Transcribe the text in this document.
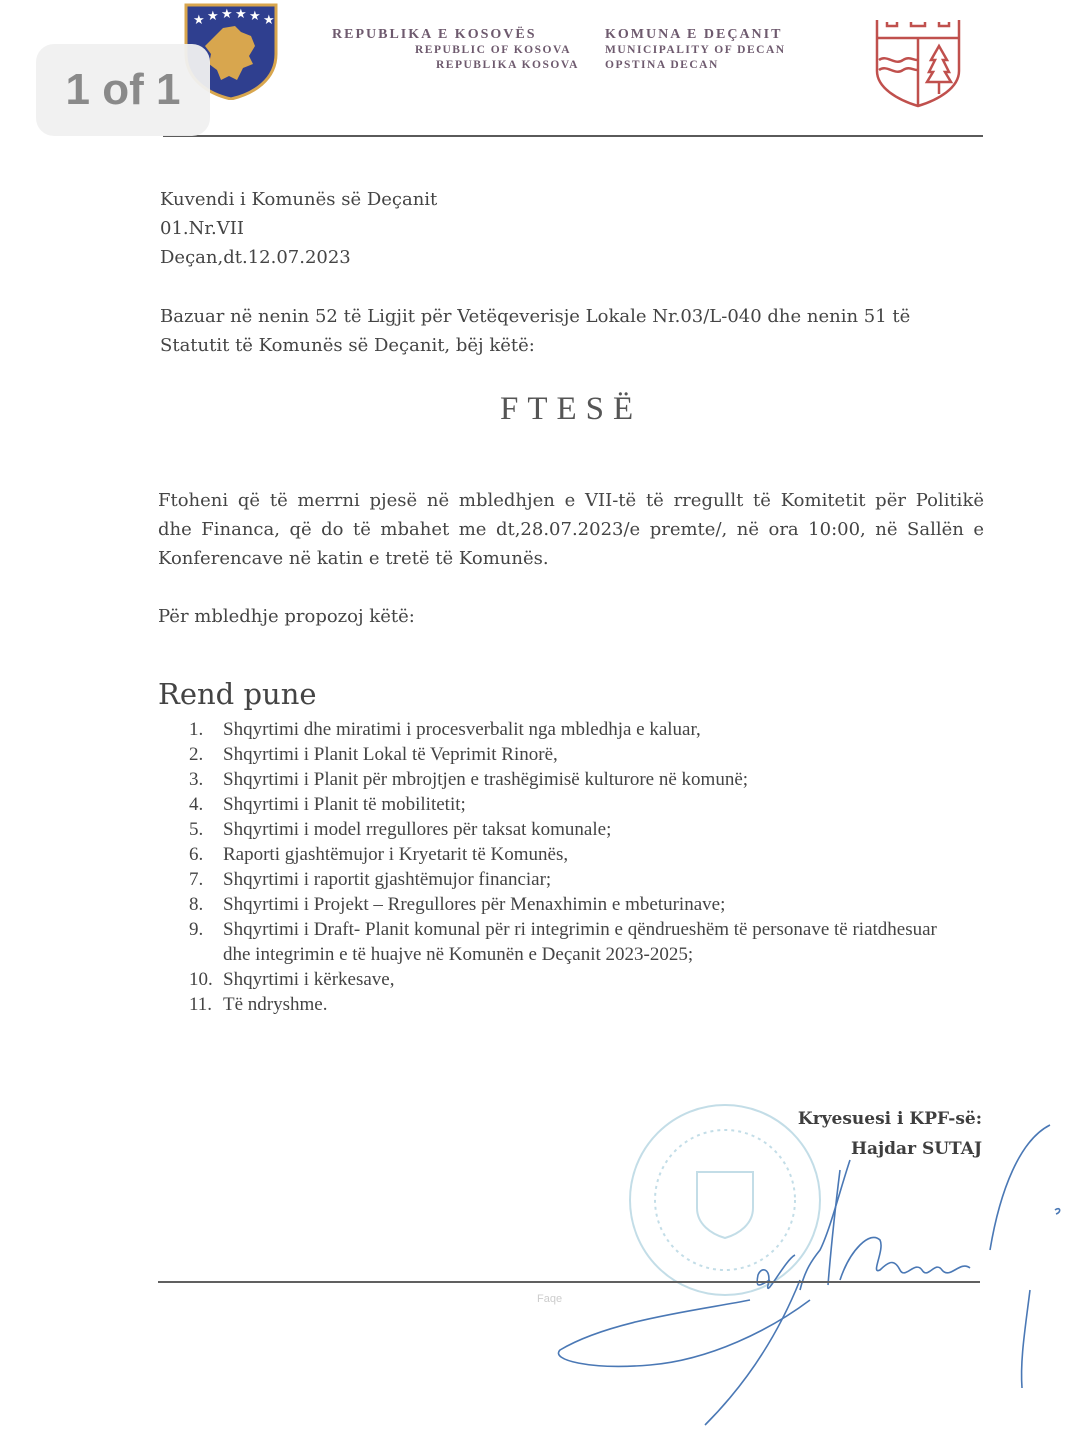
1 of 1
★ ★ ★ ★ ★ ★
REPUBLIKA E KOSOVËS
REPUBLIC OF KOSOVA
REPUBLIKA KOSOVA
KOMUNA E DEÇANIT
MUNICIPALITY OF DECAN
OPSTINA DECAN
Kuvendi i Komunës së Deçanit
01.Nr.VII
Deçan,dt.12.07.2023
Bazuar në nenin 52 të Ligjit për Vetëqeverisje Lokale Nr.03/L-040 dhe nenin 51 të
Statutit të Komunës së Deçanit, bëj këtë:
FTESË
Ftoheni që të merrni pjesë në mbledhjen e VII-të të rregullt të Komitetit për Politikë
dhe Financa, që do të mbahet me dt,28.07.2023/e premte/, në ora 10:00, në Sallën e
Konferencave në katin e tretë të Komunës.
Për mbledhje propozoj këtë:
Rend pune
1.	Shqyrtimi dhe miratimi i procesverbalit nga mbledhja e kaluar,
2.	Shqyrtimi i Planit Lokal të Veprimit Rinorë,
3.	Shqyrtimi i Planit për mbrojtjen e trashëgimisë kulturore në komunë;
4.	Shqyrtimi i Planit të mobilitetit;
5.	Shqyrtimi i model rregullores për taksat komunale;
6.	Raporti gjashtëmujor i Kryetarit të Komunës,
7.	Shqyrtimi i raportit gjashtëmujor financiar;
8.	Shqyrtimi i Projekt – Rregullores për Menaxhimin e mbeturinave;
9.	Shqyrtimi i Draft- Planit komunal për ri integrimin e qëndrueshëm të personave të riatdhesuar dhe integrimin e të huajve në Komunën e Deçanit 2023-2025;
10. Shqyrtimi i kërkesave,
11. Të ndryshme.
Kryesuesi i KPF-së:
Hajdar SUTAJ
Faqe
